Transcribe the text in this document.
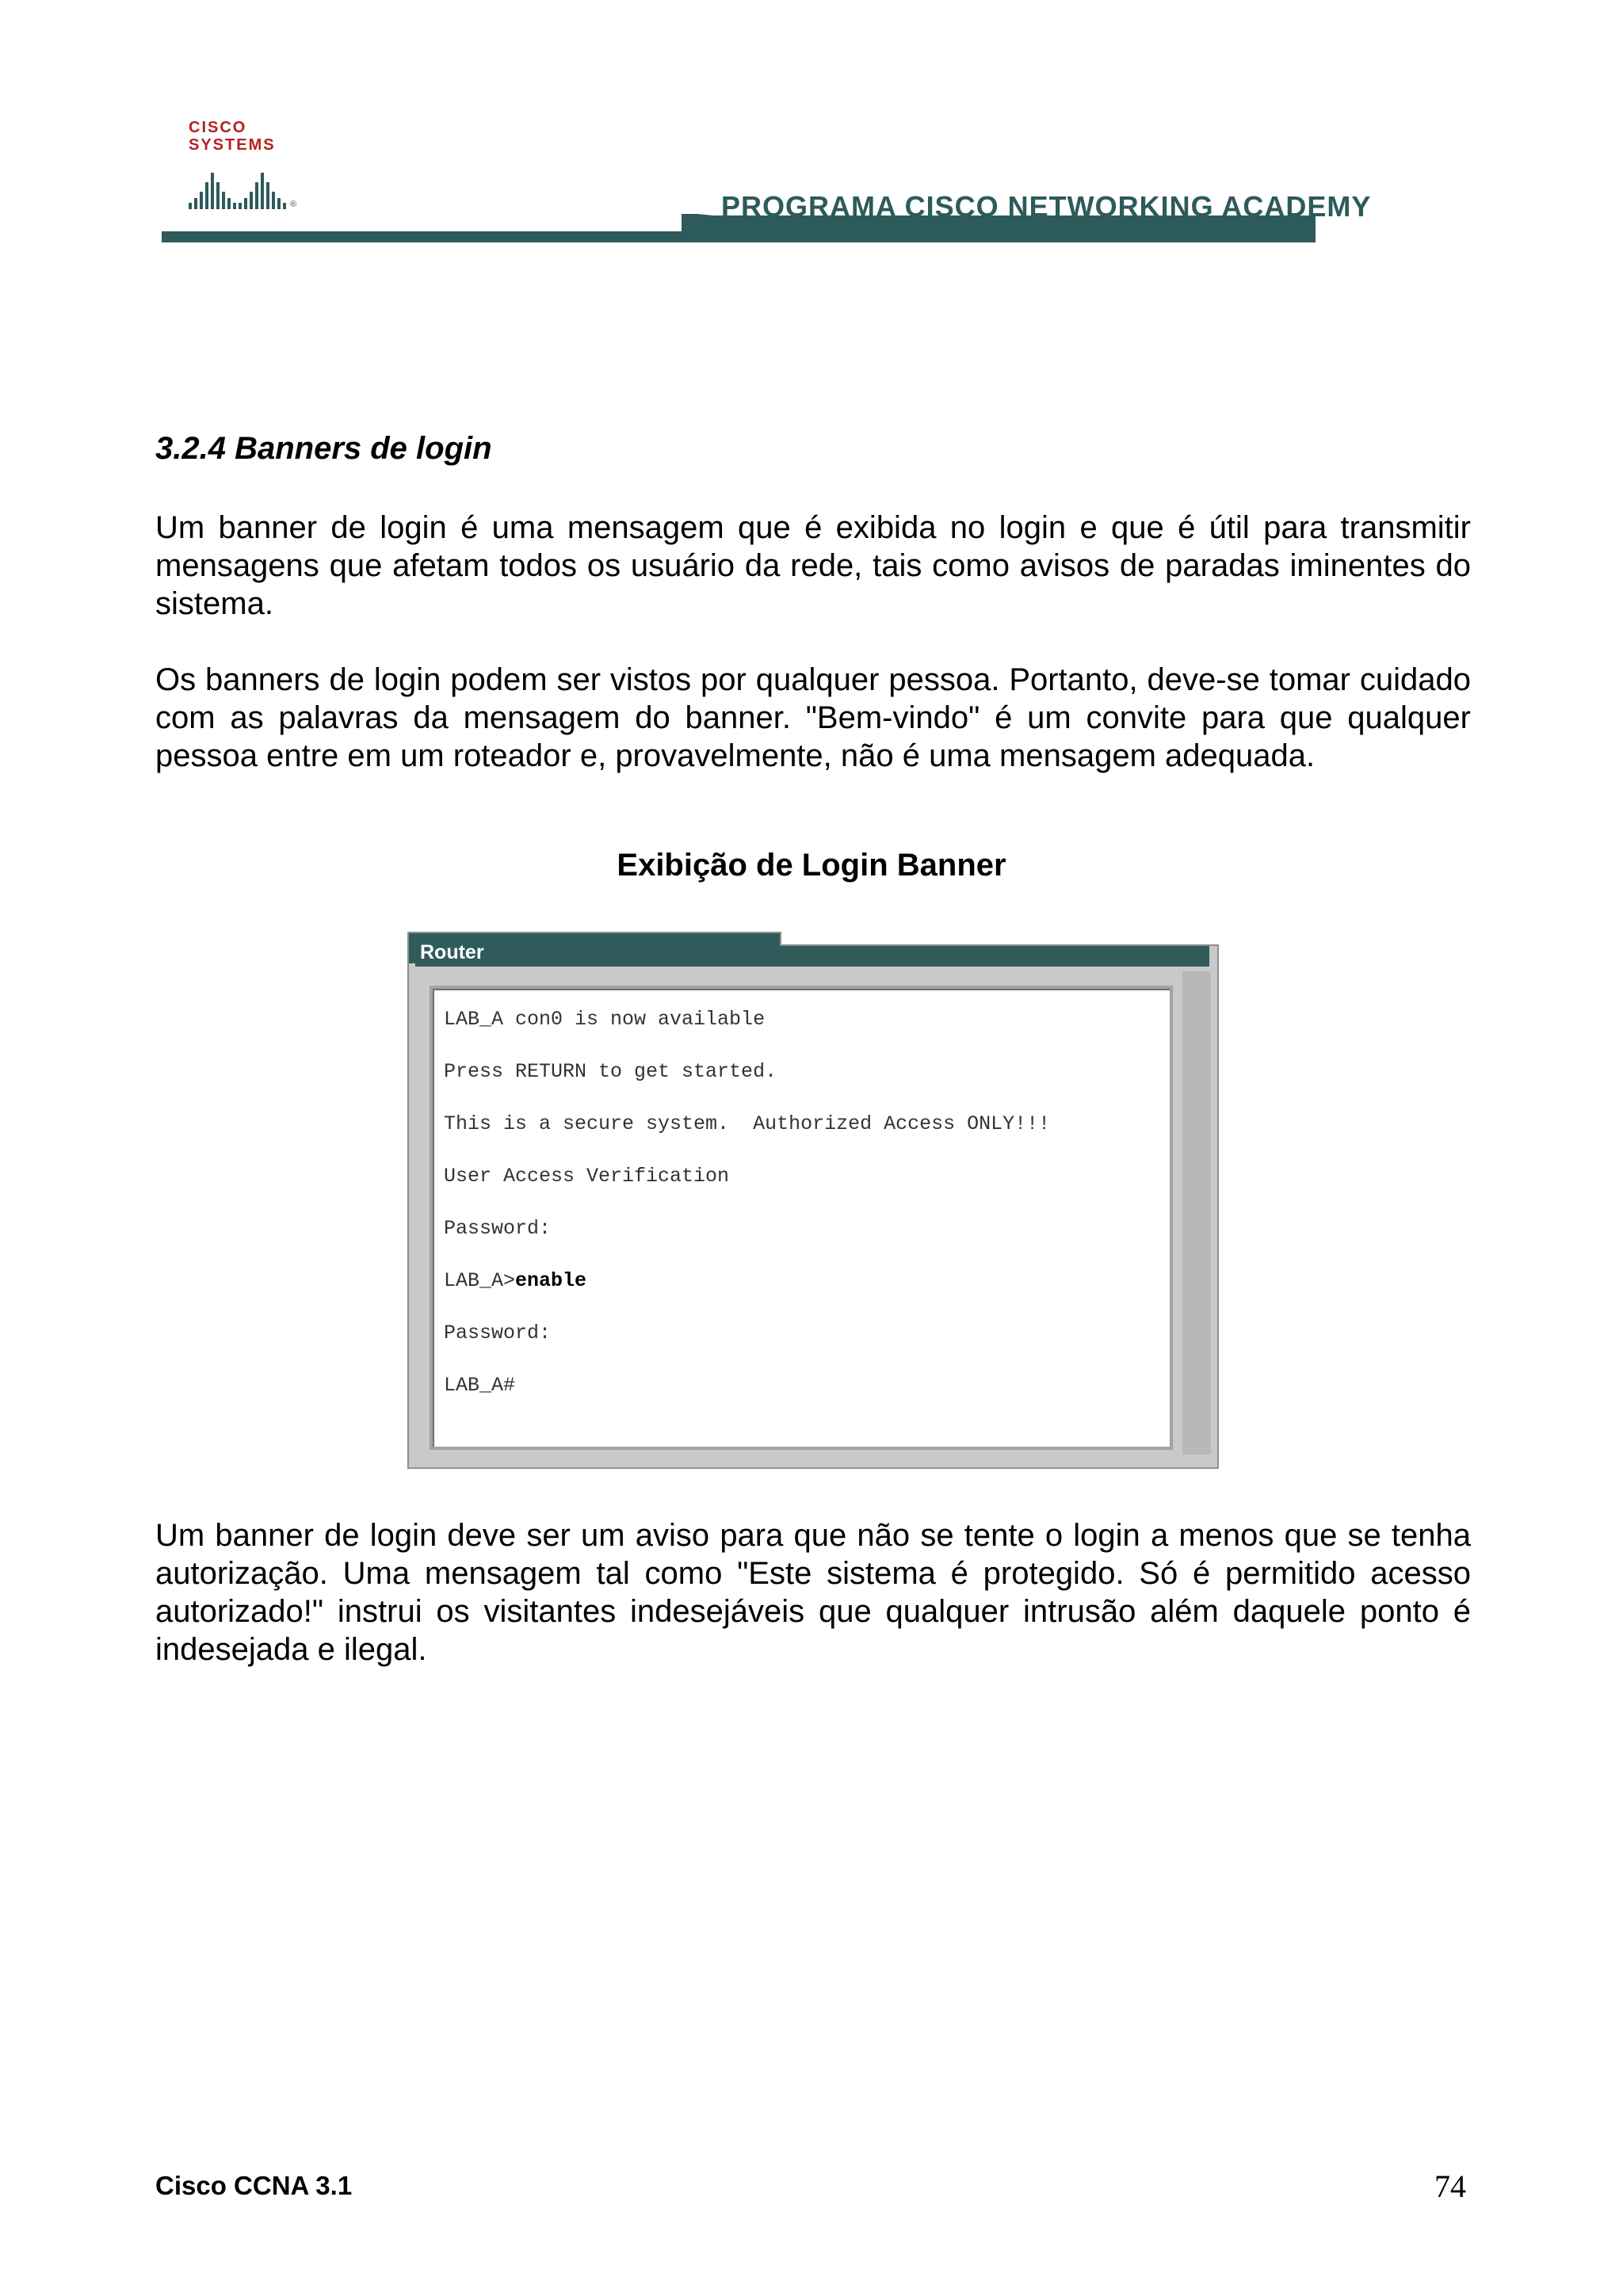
PROGRAMA CISCO NETWORKING ACADEMY
CISCO SYSTEMS
®
3.2.4 Banners de login

Um banner de login é uma mensagem que é exibida no login e que é útil para transmitir mensagens que afetam todos os usuário da rede, tais como avisos de paradas iminentes do sistema.

Os banners de login podem ser vistos por qualquer pessoa. Portanto, deve-se tomar cuidado com as palavras da mensagem do banner. "Bem-vindo" é um convite para que qualquer pessoa entre em um roteador e, provavelmente, não é uma mensagem adequada.

Exibição de Login Banner
Router
LAB_A con0 is now available
Press RETURN to get started.
This is a secure system.  Authorized Access ONLY!!!
User Access Verification
Password:
LAB_A>enable
Password:
LAB_A#

Um banner de login deve ser um aviso para que não se tente o login a menos que se tenha autorização. Uma mensagem tal como "Este sistema é protegido. Só é permitido acesso autorizado!" instrui os visitantes indesejáveis que qualquer intrusão além daquele ponto é indesejada e ilegal.

Cisco CCNA 3.1	74
